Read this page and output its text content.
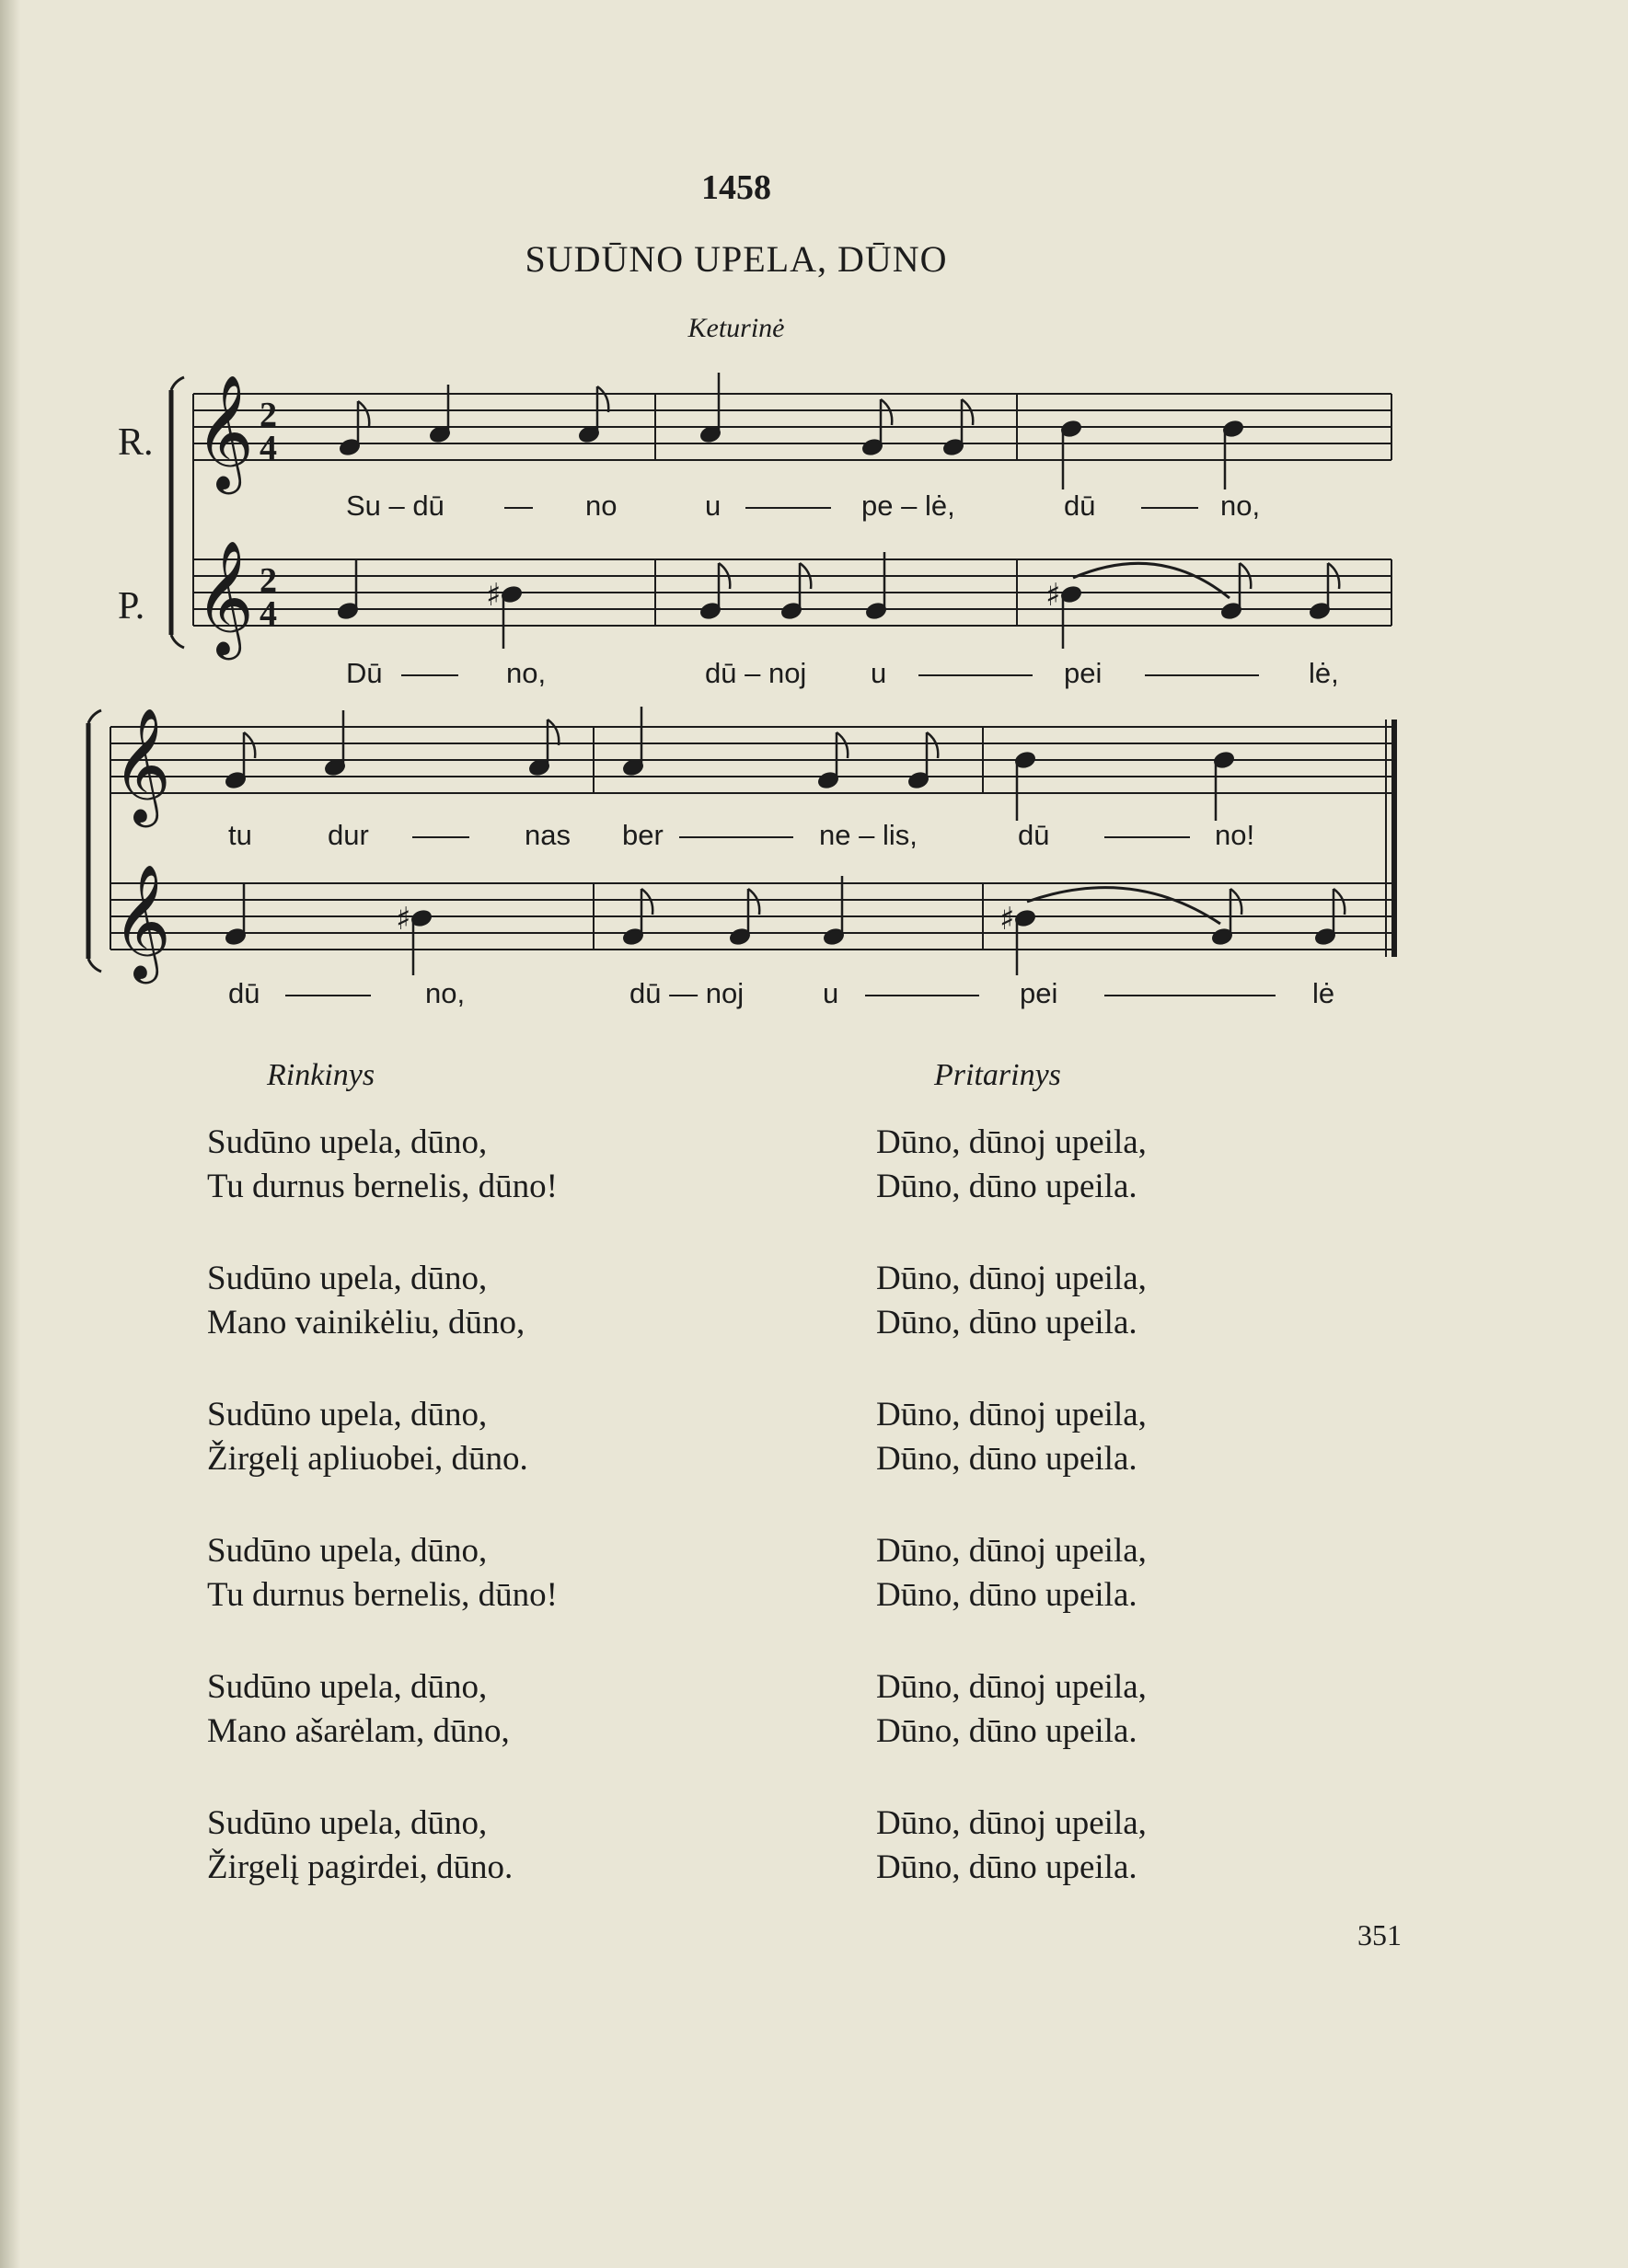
1458
SUDŪNO UPELA, DŪNO
Keturinė
𝄞
𝄞
𝄞
𝄞
2
4
2
4	♯	♯
♯	♯
R.
P.
Su – dū — no	u ——— pe – lė,	dū —— no,
Dū —— no,	dū – noj u ———— pei ———— lė,
tu	dur —— nas ber ———— ne – lis,	dū ——— no!
dū ——— no,	dū — noj	u ———— pei —————— lė
Rinkinys	Pritarinys
Sudūno upela, dūno,
Tu durnus bernelis, dūno!
Dūno, dūnoj upeila,
Dūno, dūno upeila.
Sudūno upela, dūno,
Mano vainikėliu, dūno,
Dūno, dūnoj upeila,
Dūno, dūno upeila.
Sudūno upela, dūno,
Žirgelį apliuobei, dūno.
Dūno, dūnoj upeila,
Dūno, dūno upeila.
Sudūno upela, dūno,
Tu durnus bernelis, dūno!
Dūno, dūnoj upeila,
Dūno, dūno upeila.
Sudūno upela, dūno,
Mano ašarėlam, dūno,
Dūno, dūnoj upeila,
Dūno, dūno upeila.
Sudūno upela, dūno,
Žirgelį pagirdei, dūno.
Dūno, dūnoj upeila,
Dūno, dūno upeila.
351
